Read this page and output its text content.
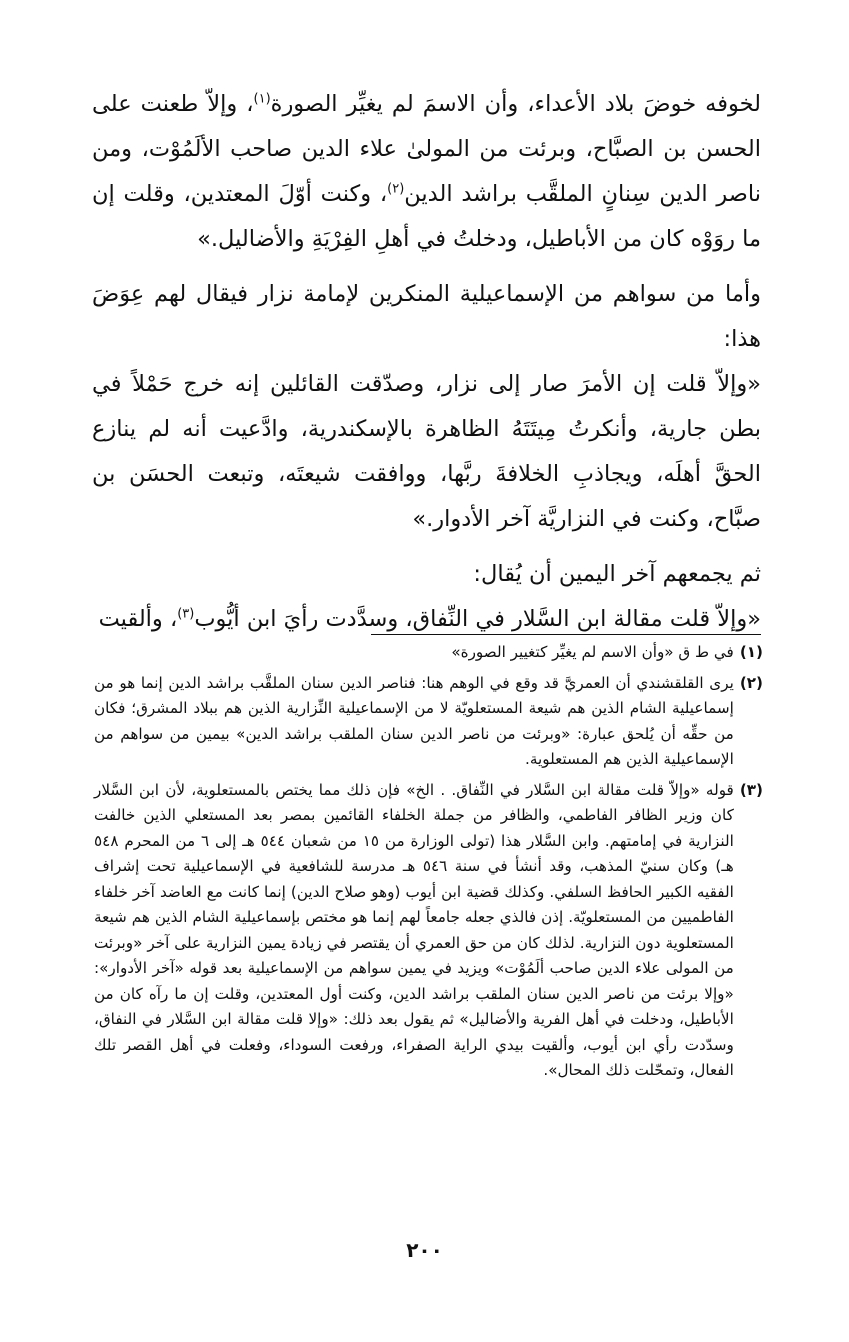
لخوفه خوضَ بلاد الأعداء، وأن الاسمَ لم يغيِّر الصورة$^{(١)}$، وإلاّ طعنت على الحسن بن الصبَّاح، وبرئت من المولىٰ علاء الدين صاحب الألَمُوْت، ومن ناصر الدين سِنانٍ الملقَّب براشد الدين$^{(٢)}$، وكنت أوّلَ المعتدين، وقلت إن ما روَوْه كان من الأباطيل، ودخلتُ في أهلِ الفِرْيَةِ والأضاليل.»

وأما من سواهم من الإسماعيلية المنكرين لإمامة نزار فيقال لهم عِوَضَ هذا:

«وإلاّ قلت إن الأمرَ صار إلى نزار، وصدّقت القائلين إنه خرج حَمْلاً في بطن جارية، وأنكرتُ مِيتَتَهُ الظاهرة بالإسكندرية، وادَّعيت أنه لم ينازع الحقَّ أهلَه، ويجاذبِ الخلافةَ ربَّها، ووافقت شيعتَه، وتبعت الحسَن بن صبَّاح، وكنت في النزاريَّة آخر الأدوار.»

ثم يجمعهم آخر اليمين أن يُقال:

«وإلاّ قلت مقالة ابن السَّلار في النِّفاق، وسدَّدت رأيَ ابن أيُّوب$^{(٣)}$، وألقيت

(١)
في ط ق «وأن الاسم لم يغيِّر كتغيير الصورة»
(٢)
يرى القلقشندي أن العمريَّ قد وقع في الوهم هنا: فناصر الدين سنان الملقَّب براشد الدين إنما هو من إسماعيلية الشام الذين هم شيعة المستعلويّة لا من الإسماعيلية النِّزارية الذين هم ببلاد المشرق؛ فكان من حقِّه أن يُلحق عبارة: «وبرئت من ناصر الدين سنان الملقب براشد الدين» بيمين من سواهم من الإسماعيلية الذين هم المستعلوية.
(٣)
قوله «وإلاّ قلت مقالة ابن السَّلار في النِّفاق. . الخ» فإن ذلك مما يختص بالمستعلوية، لأن ابن السَّلار كان وزير الظافر الفاطمي، والظافر من جملة الخلفاء القائمين بمصر بعد المستعلي الذين خالفت النزارية في إمامتهم. وابن السَّلار هذا (تولى الوزارة من ١٥ من شعبان ٥٤٤ هـ إلى ٦ من المحرم ٥٤٨ هـ) وكان سنيّ المذهب، وقد أنشأ في سنة ٥٤٦ هـ مدرسة للشافعية في الإسماعيلية تحت إشراف الفقيه الكبير الحافظ السلفي. وكذلك قضية ابن أيوب (وهو صلاح الدين) إنما كانت مع العاضد آخر خلفاء الفاطميين من المستعلويّة. إذن فالذي جعله جامعاً لهم إنما هو مختص بإسماعيلية الشام الذين هم شيعة المستعلوية دون النزارية. لذلك كان من حق العمري أن يقتصر في زيادة يمين النزارية على آخر «وبرئت من المولى علاء الدين صاحب ألَمُوْت» ويزيد في يمين سواهم من الإسماعيلية بعد قوله «آخر الأدوار»: «وإلا برئت من ناصر الدين سنان الملقب براشد الدين، وكنت أول المعتدين، وقلت إن ما رآه كان من الأباطيل، ودخلت في أهل الفرية والأضاليل» ثم يقول بعد ذلك: «وإلا قلت مقالة ابن السَّلار في النفاق، وسدّدت رأي ابن أيوب، وألقيت بيدي الراية الصفراء، ورفعت السوداء، وفعلت في أهل القصر تلك الفعال، وتمحّلت ذلك المحال».
٢٠٠
